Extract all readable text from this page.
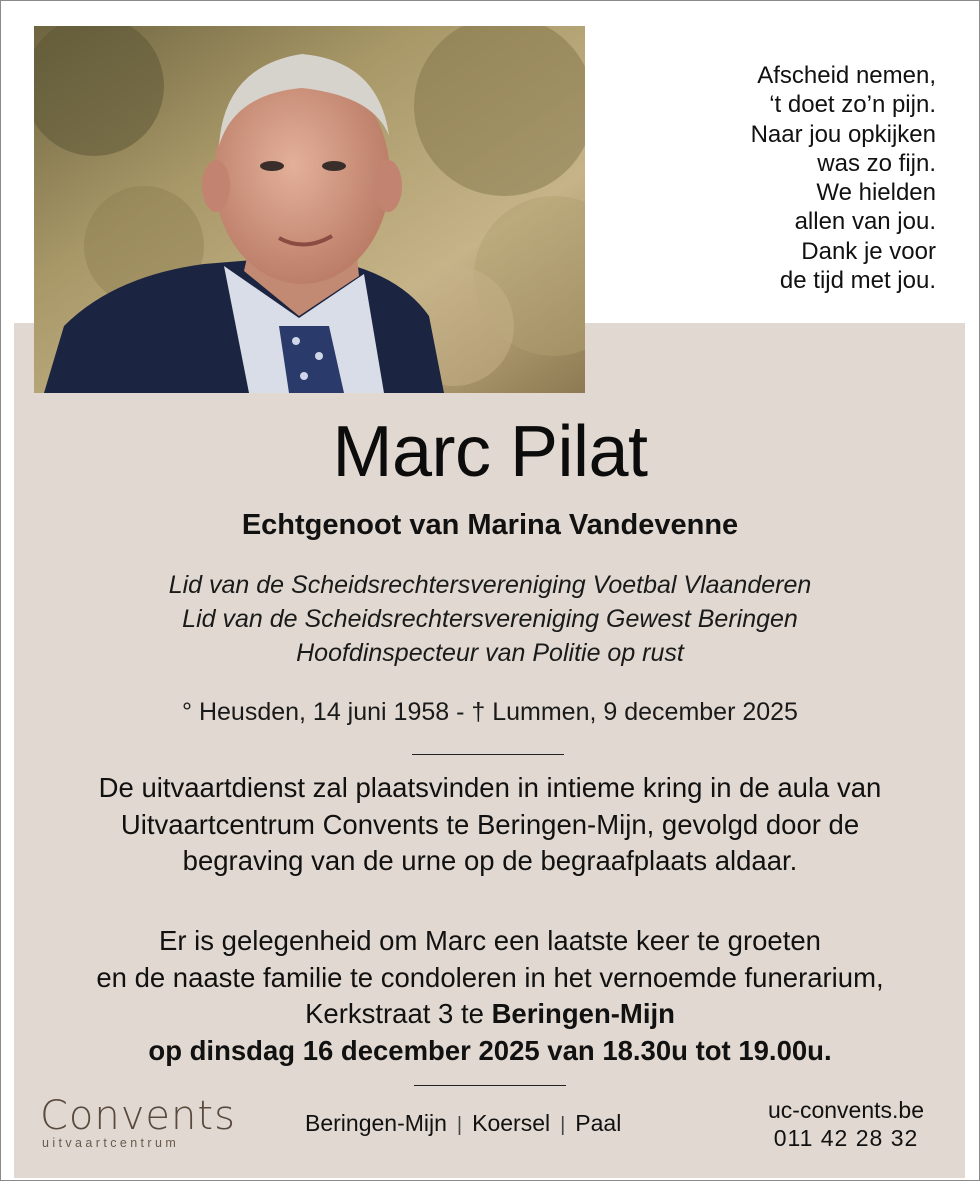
Afscheid nemen,
‘t doet zo’n pijn.
Naar jou opkijken
was zo fijn.
We hielden
allen van jou.
Dank je voor
de tijd met jou.
Marc Pilat
Echtgenoot van Marina Vandevenne
Lid van de Scheidsrechtersvereniging Voetbal Vlaanderen
Lid van de Scheidsrechtersvereniging Gewest Beringen
Hoofdinspecteur van Politie op rust
° Heusden, 14 juni 1958 - † Lummen, 9 december 2025
De uitvaartdienst zal plaatsvinden in intieme kring in de aula van
Uitvaartcentrum Convents te Beringen-Mijn, gevolgd door de
begraving van de urne op de begraafplaats aldaar.
Er is gelegenheid om Marc een laatste keer te groeten
en de naaste familie te condoleren in het vernoemde funerarium,
Kerkstraat 3 te Beringen-Mijn
op dinsdag 16 december 2025 van 18.30u tot 19.00u.
Convents
uitvaartcentrum
Beringen-Mijn | Koersel | Paal	uc-convents.be
011 42 28 32
